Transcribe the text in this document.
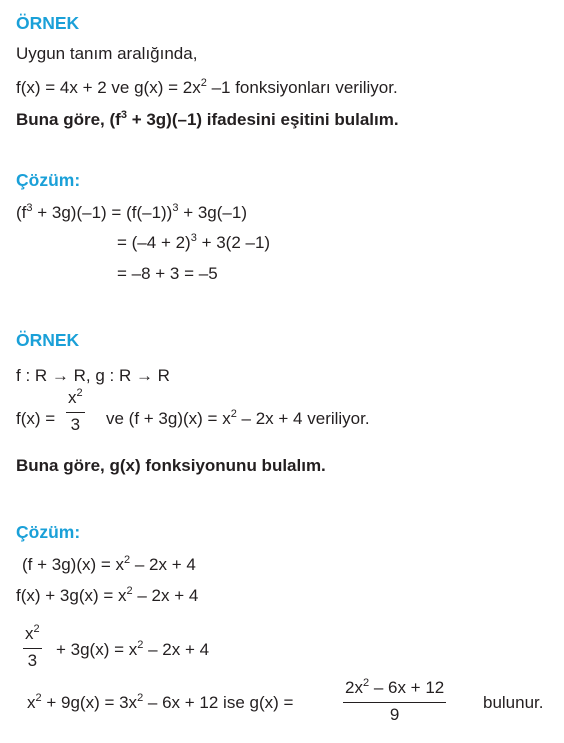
ÖRNEK
Uygun tanım aralığında,
f(x) = 4x + 2 ve $g(x) = 2x^2$ –1 fonksiyonları veriliyor.
Buna göre, $(f^3 + 3g)(-1)$ ifadesini eşitini bulalım.
Çözüm:
$(f^3 + 3g)(-1) = (f(-1))^3 + 3g(-1)$
= $(-4 + 2)^3 + 3(2$ –1)
= –8 + 3 = –5
ÖRNEK
f : R → R, g : R → R
$f(x) = \frac{x^2}{3}$ ve $(f + 3g)(x) = x^2 - 2x + 4$ veriliyor.
Buna göre, g(x) fonksiyonunu bulalım.
Çözüm:
$(f + 3g)(x) = x^2 - 2x + 4$
$f(x) + 3g(x) = x^2 - 2x + 4$
$\frac{x^2}{3} + 3g(x) = x^2 - 2x + 4$
$x^2 + 9g(x) = 3x^2 - 6x + 12$ ise g(x) =	$\frac{2x^2 - 6x + 12}{9}$ bulunur.
